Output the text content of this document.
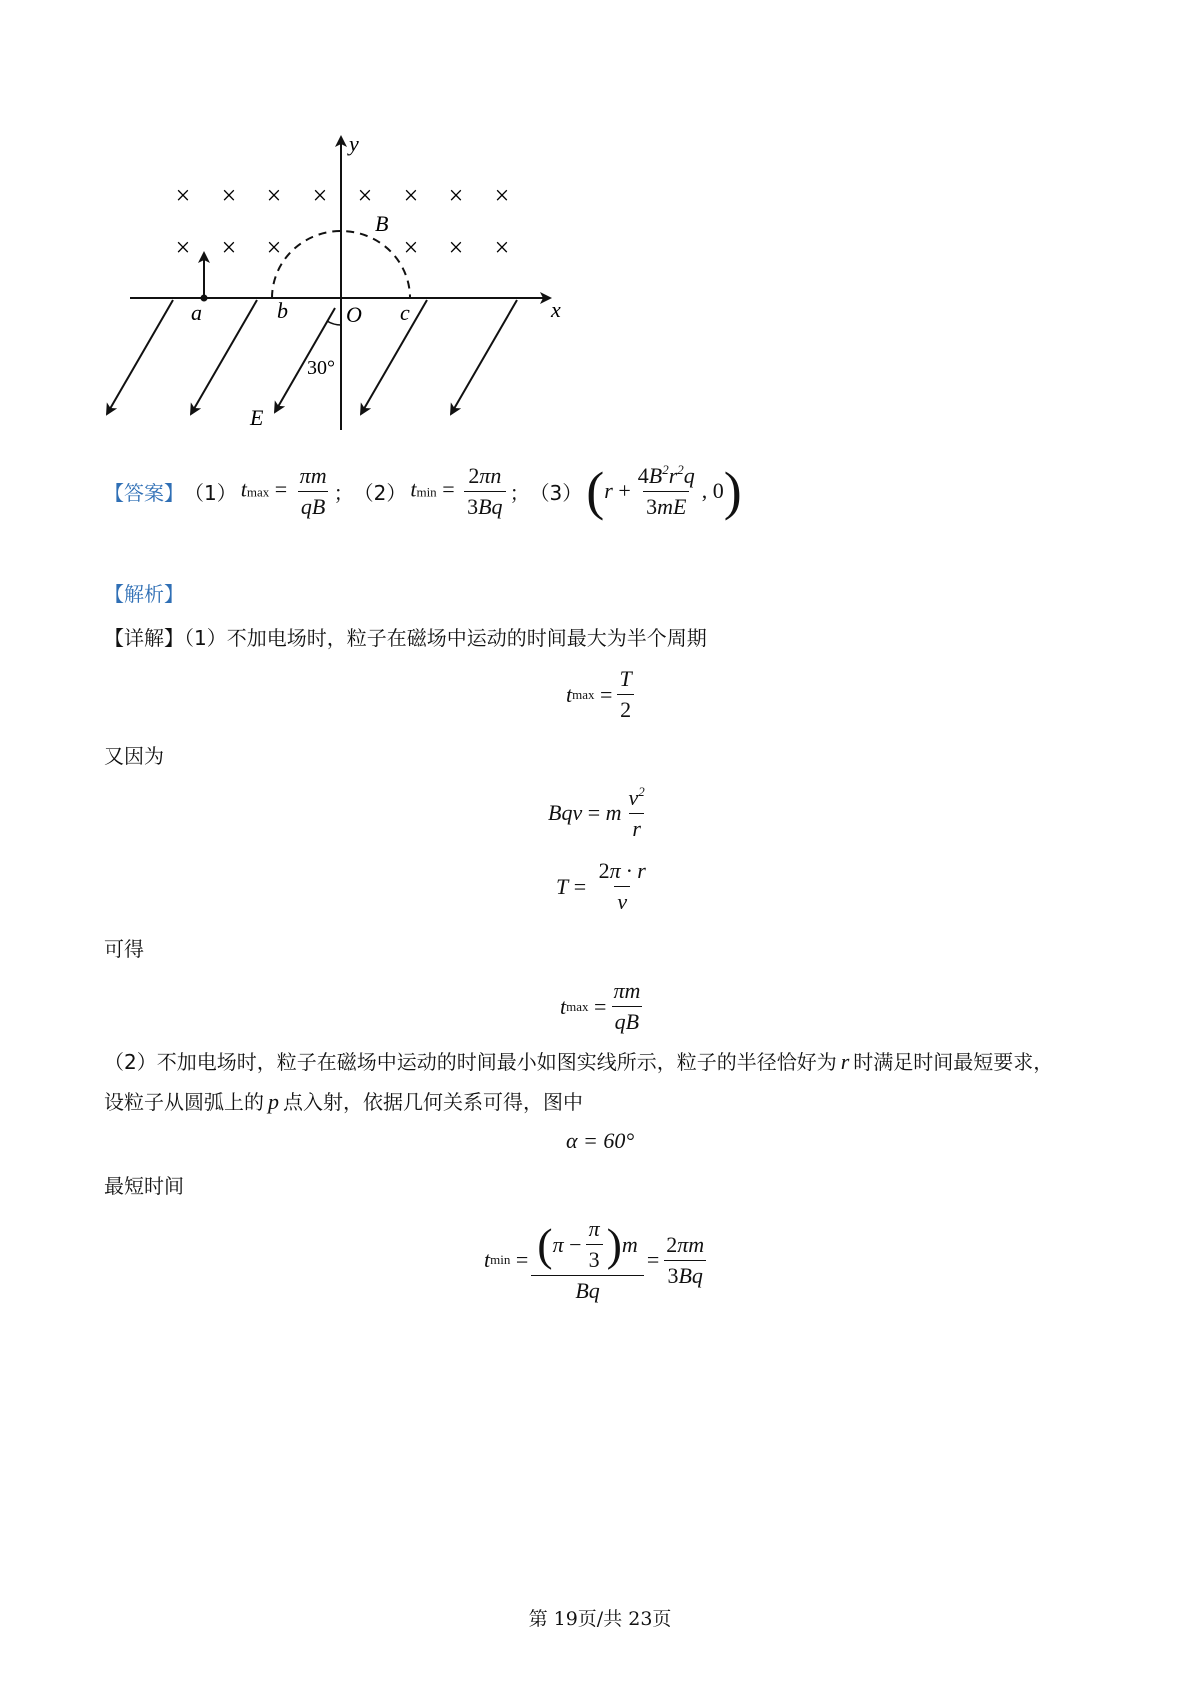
x
y
× × × × × × × ×
× × ×	× × ×
B
a	b	O c
30°
E
【答案】 （1） $tmax = \frac{\pi m}{qB}$ ； （2） $tmin = \frac{2\pi n}{3Bq}$ ； （3） ( $r + \frac{4B^2r^2q}{3mE}$ , 0 )
【解析】
【详解】（1）不加电场时，粒子在磁场中运动的时间最大为半个周期
t max
= $\frac{T}{2}$
又因为
Bqv = m $\frac{v^2}{r}$
$T = \frac{2\pi \cdot r}{v}$
可得
t max
= $\frac{\pi m}{qB}$
（2）不加电场时，粒子在磁场中运动的时间最小如图实线所示，粒子的半径恰好为 r 时满足时间最短要求，
设粒子从圆弧上的 p 点入射，依据几何关系可得，图中
α = 60°
最短时间
t min
= $\frac{( \pi - \frac{\pi}{3} ) m}{Bq} = \frac{2\pi m}{3Bq}$
第 19页/共 23页
